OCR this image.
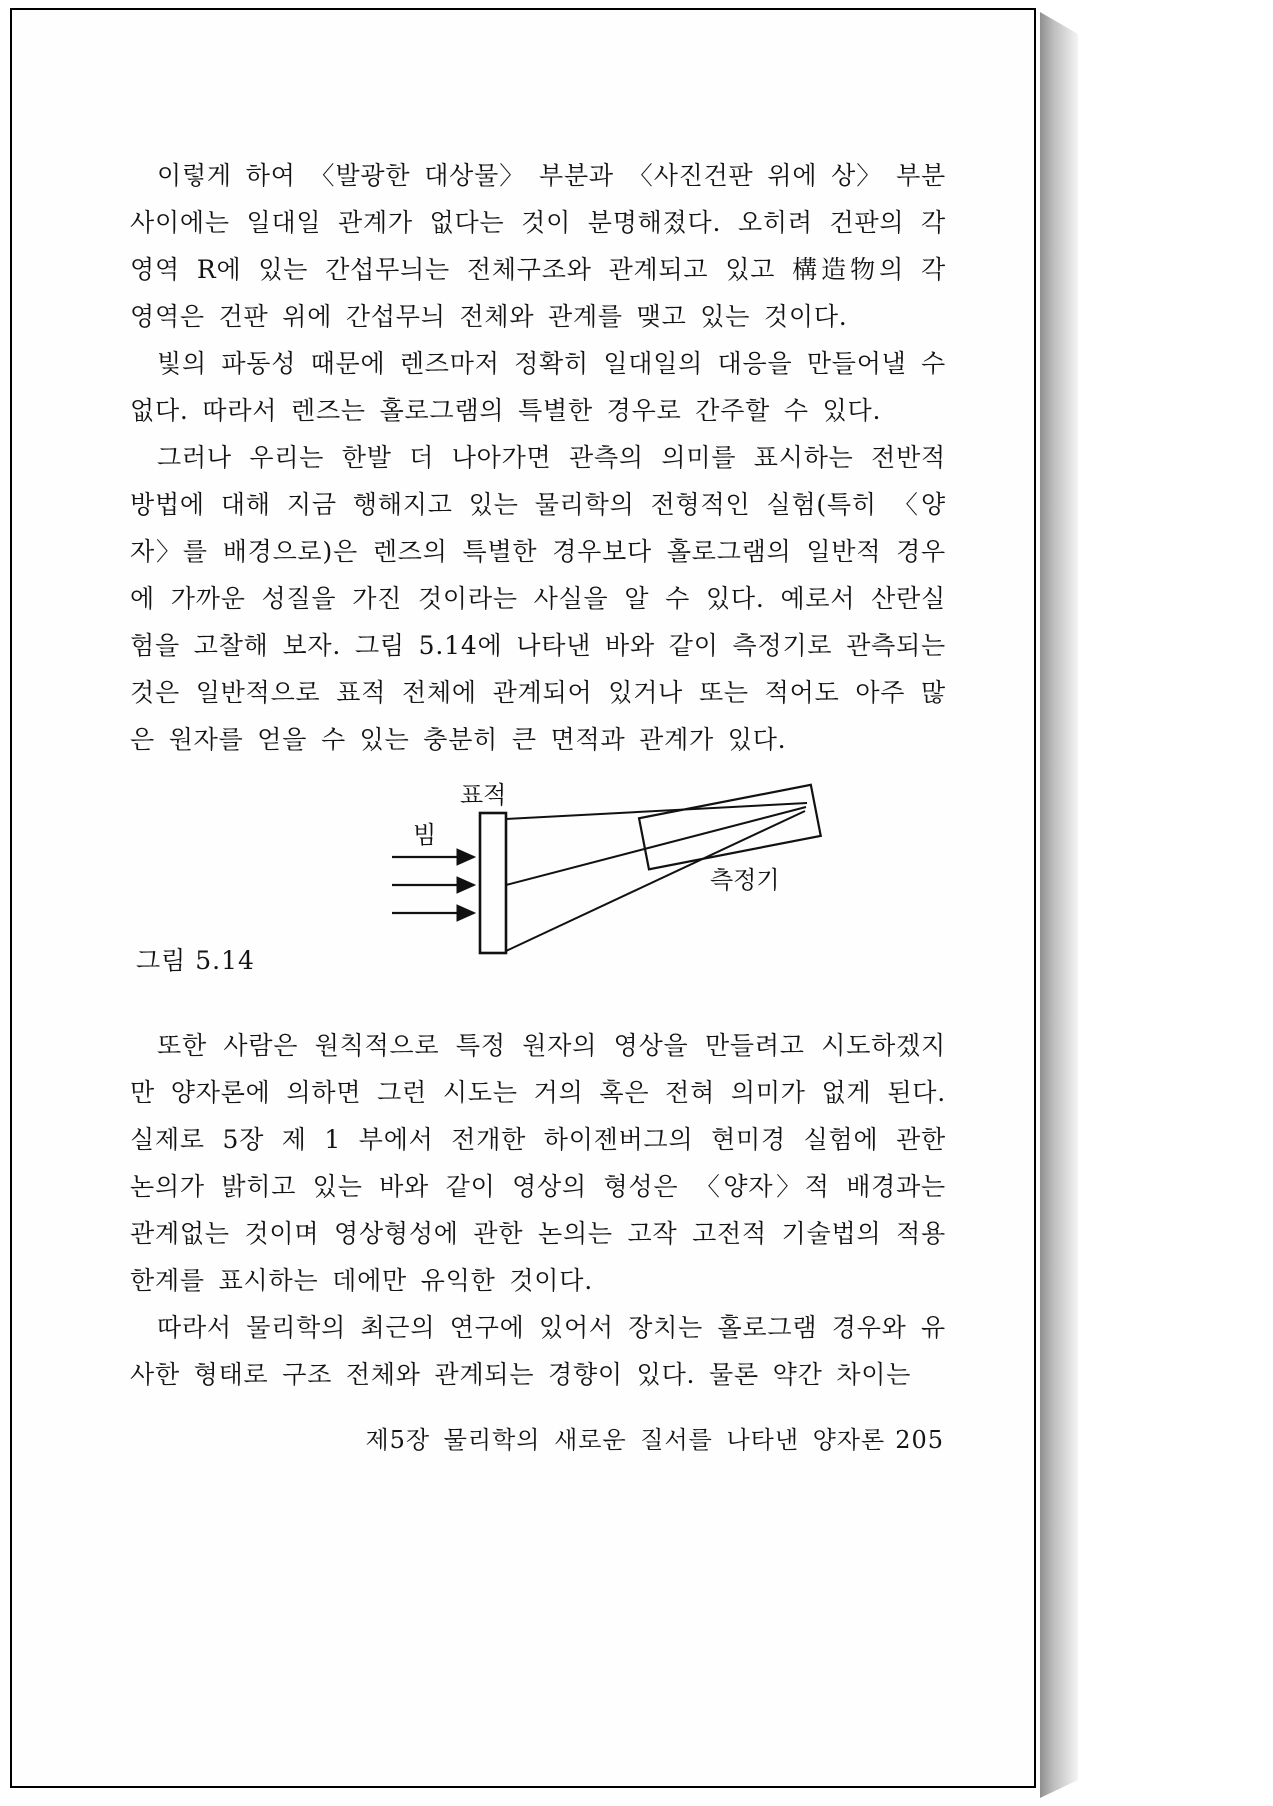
이렇게 하여 〈발광한 대상물〉 부분과 〈사진건판 위에 상〉 부분 사이에는 일대일 관계가 없다는 것이 분명해졌다. 오히려 건판의 각 영역 R에 있는 간섭무늬는 전체구조와 관계되고 있고 構造物의 각 영역은 건판 위에 간섭무늬 전체와 관계를 맺고 있는 것이다.

빛의 파동성 때문에 렌즈마저 정확히 일대일의 대응을 만들어낼 수 없다. 따라서 렌즈는 홀로그램의 특별한 경우로 간주할 수 있다.

그러나 우리는 한발 더 나아가면 관측의 의미를 표시하는 전반적 방법에 대해 지금 행해지고 있는 물리학의 전형적인 실험(특히 〈양자〉를 배경으로)은 렌즈의 특별한 경우보다 홀로그램의 일반적 경우에 가까운 성질을 가진 것이라는 사실을 알 수 있다. 예로서 산란실험을 고찰해 보자. 그림 5.14에 나타낸 바와 같이 측정기로 관측되는 것은 일반적으로 표적 전체에 관계되어 있거나 또는 적어도 아주 많은 원자를 얻을 수 있는 충분히 큰 면적과 관계가 있다.

표적
빔
측정기
그림 5.14

또한 사람은 원칙적으로 특정 원자의 영상을 만들려고 시도하겠지만 양자론에 의하면 그런 시도는 거의 혹은 전혀 의미가 없게 된다. 실제로 5장 제 1 부에서 전개한 하이젠버그의 현미경 실험에 관한 논의가 밝히고 있는 바와 같이 영상의 형성은 〈양자〉적 배경과는 관계없는 것이며 영상형성에 관한 논의는 고작 고전적 기술법의 적용한계를 표시하는 데에만 유익한 것이다.

따라서 물리학의 최근의 연구에 있어서 장치는 홀로그램 경우와 유사한 형태로 구조 전체와 관계되는 경향이 있다. 물론 약간 차이는

제5장 물리학의 새로운 질서를 나타낸 양자론 205
